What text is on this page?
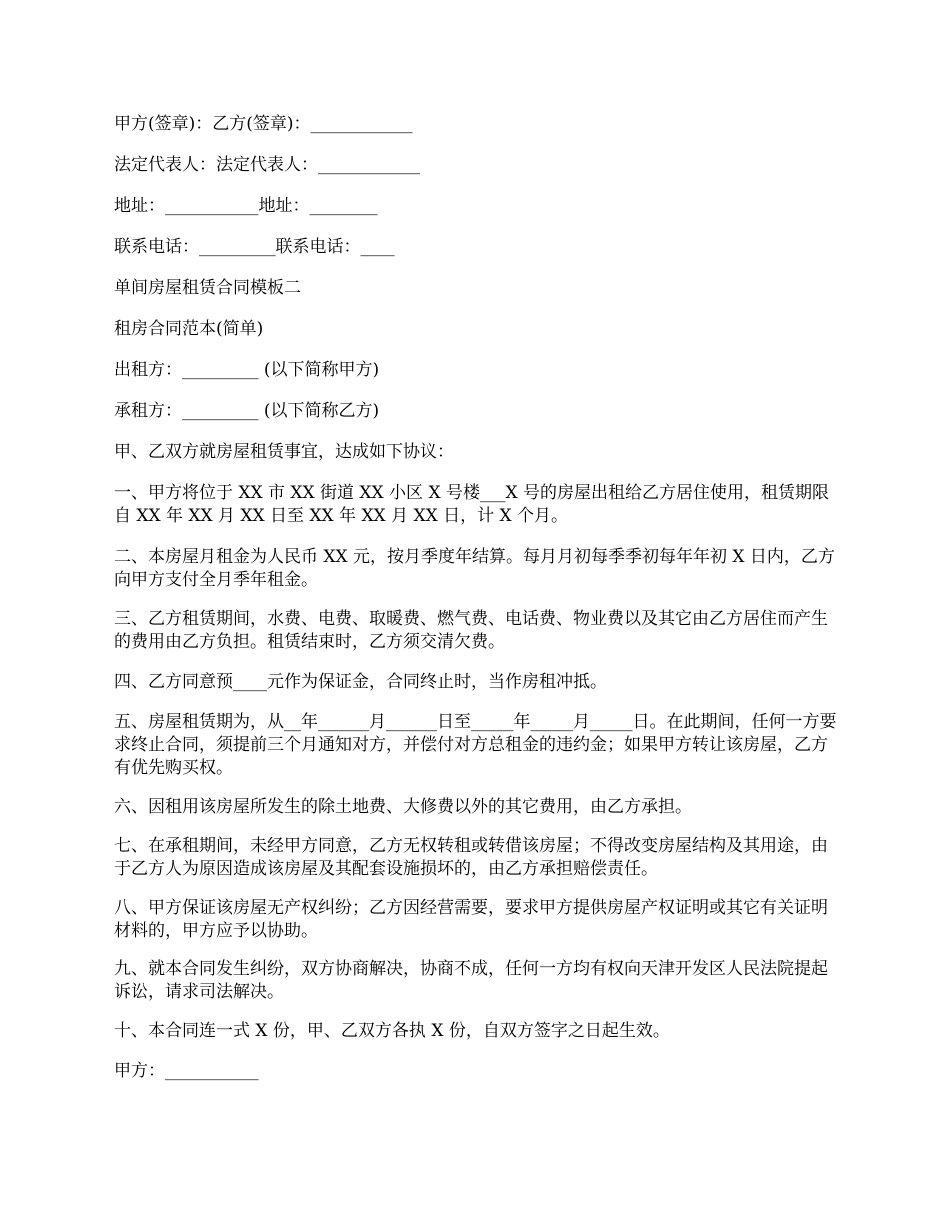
甲方(签章)：乙方(签章)：____________

法定代表人：法定代表人：____________

地址：___________地址：________

联系电话：_________联系电话：____

单间房屋租赁合同模板二

租房合同范本(简单)

出租方：_________ (以下简称甲方)

承租方：_________ (以下简称乙方)

甲、乙双方就房屋租赁事宜，达成如下协议：

一、甲方将位于 XX 市 XX 街道 XX 小区 X 号楼___X 号的房屋出租给乙方居住使用，租赁期限自 XX 年 XX 月 XX 日至 XX 年 XX 月 XX 日，计 X 个月。

二、本房屋月租金为人民币 XX 元，按月季度年结算。每月月初每季季初每年年初 X 日内，乙方向甲方支付全月季年租金。

三、乙方租赁期间，水费、电费、取暖费、燃气费、电话费、物业费以及其它由乙方居住而产生的费用由乙方负担。租赁结束时，乙方须交清欠费。

四、乙方同意预____元作为保证金，合同终止时，当作房租冲抵。

五、房屋租赁期为，从__年______月______日至_____年_____月_____日。在此期间，任何一方要求终止合同，须提前三个月通知对方，并偿付对方总租金的违约金；如果甲方转让该房屋，乙方有优先购买权。

六、因租用该房屋所发生的除土地费、大修费以外的其它费用，由乙方承担。

七、在承租期间，未经甲方同意，乙方无权转租或转借该房屋；不得改变房屋结构及其用途，由于乙方人为原因造成该房屋及其配套设施损坏的，由乙方承担赔偿责任。

八、甲方保证该房屋无产权纠纷；乙方因经营需要，要求甲方提供房屋产权证明或其它有关证明材料的，甲方应予以协助。

九、就本合同发生纠纷，双方协商解决，协商不成，任何一方均有权向天津开发区人民法院提起诉讼，请求司法解决。

十、本合同连一式 X 份，甲、乙双方各执 X 份，自双方签字之日起生效。

甲方：___________
